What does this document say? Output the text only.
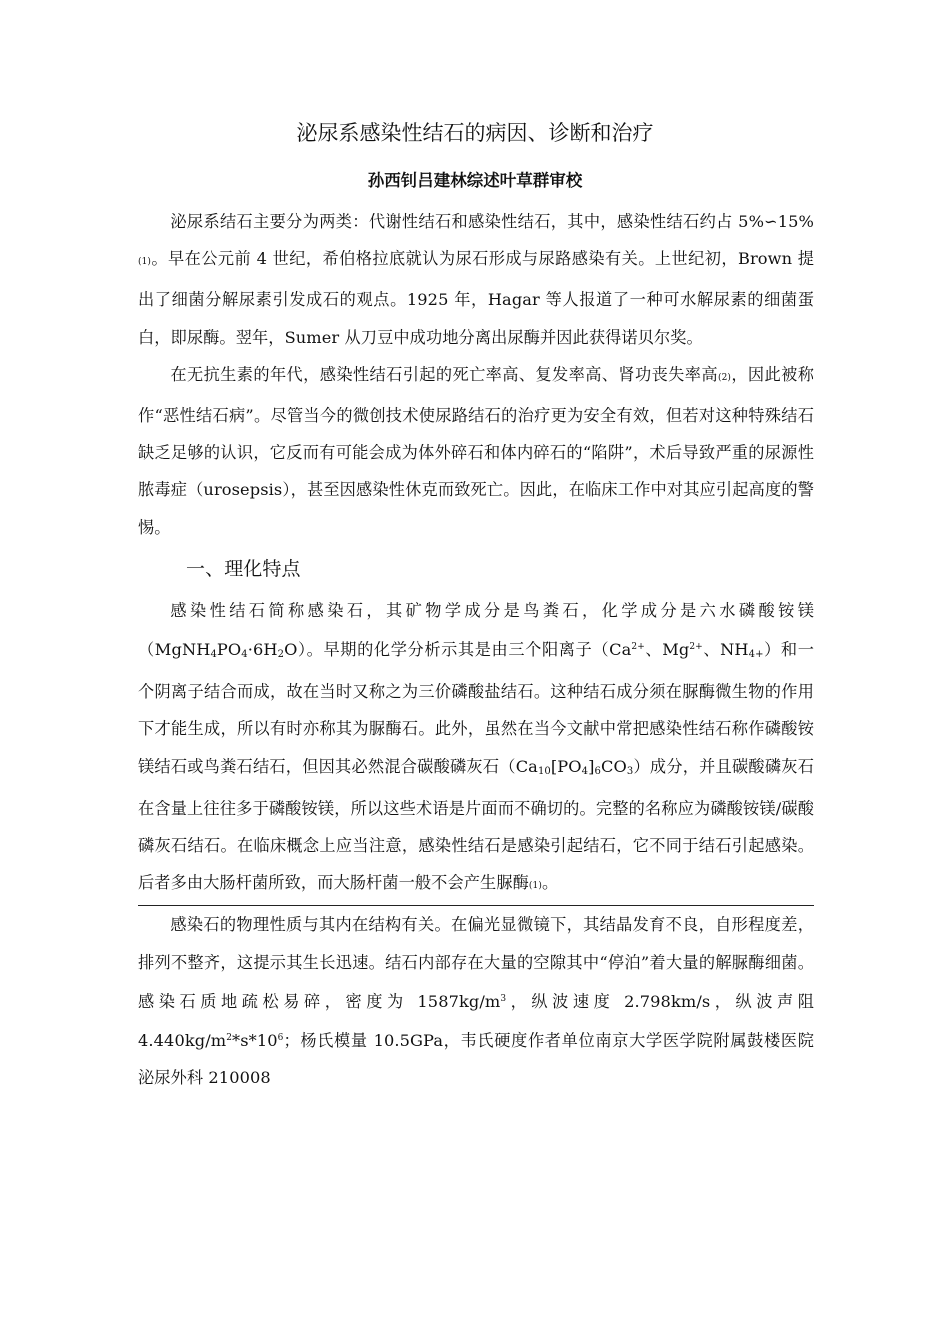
泌尿系感染性结石的病因、诊断和治疗
孙西钊吕建林综述叶草群审校

泌尿系结石主要分为两类：代谢性结石和感染性结石，其中，感染性结石约占 5%∽15%(1)。早在公元前 4 世纪，希伯格拉底就认为尿石形成与尿路感染有关。上世纪初，Brown 提出了细菌分解尿素引发成石的观点。1925 年，Hagar 等人报道了一种可水解尿素的细菌蛋白，即尿酶。翌年，Sumer 从刀豆中成功地分离出尿酶并因此获得诺贝尔奖。

在无抗生素的年代，感染性结石引起的死亡率高、复发率高、肾功丧失率高(2)，因此被称作“恶性结石病”。尽管当今的微创技术使尿路结石的治疗更为安全有效，但若对这种特殊结石缺乏足够的认识，它反而有可能会成为体外碎石和体内碎石的“陷阱”，术后导致严重的尿源性脓毒症（urosepsis），甚至因感染性休克而致死亡。因此，在临床工作中对其应引起高度的警惕。

一、理化特点

感染性结石简称感染石，其矿物学成分是鸟粪石，化学成分是六水磷酸铵镁$(MgNH_4PO_4\cdot 6H_2O)$。早期的化学分析示其是由三个阳离子（$Ca^{2+}$、$Mg^{2+}$、$NH_{4+}$）和一个阴离子结合而成，故在当时又称之为三价磷酸盐结石。这种结石成分须在脲酶微生物的作用下才能生成，所以有时亦称其为脲酶石。此外，虽然在当今文献中常把感染性结石称作磷酸铵镁结石或鸟粪石结石，但因其必然混合碳酸磷灰石$(Ca_{10}[PO_4]_6CO_3)$成分，并且碳酸磷灰石在含量上往往多于磷酸铵镁，所以这些术语是片面而不确切的。完整的名称应为磷酸铵镁/碳酸磷灰石结石。在临床概念上应当注意，感染性结石是感染引起结石，它不同于结石引起感染。后者多由大肠杆菌所致，而大肠杆菌一般不会产生脲酶(1)。

感染石的物理性质与其内在结构有关。在偏光显微镜下，其结晶发育不良，自形程度差，排列不整齐，这提示其生长迅速。结石内部存在大量的空隙其中“停泊”着大量的解脲酶细菌。感染石质地疏松易碎，密度为 $1587kg/m^3$，纵波速度 2.798km/s，纵波声阻 $4.440kg/m^2*s*10^6$；杨氏模量 10.5GPa，韦氏硬度作者单位南京大学医学院附属鼓楼医院泌尿外科 210008
